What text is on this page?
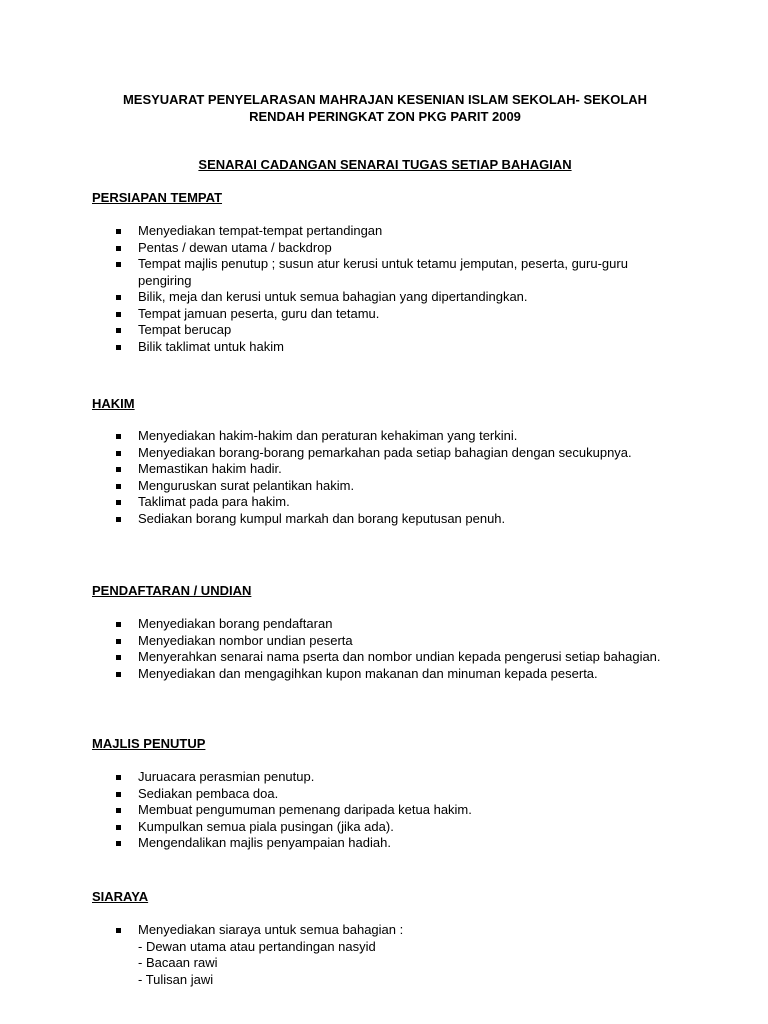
MESYUARAT PENYELARASAN MAHRAJAN KESENIAN ISLAM SEKOLAH- SEKOLAH
RENDAH PERINGKAT ZON PKG PARIT 2009
SENARAI CADANGAN SENARAI TUGAS SETIAP BAHAGIAN
PERSIAPAN TEMPAT
Menyediakan tempat-tempat pertandingan
Pentas / dewan utama / backdrop
Tempat majlis penutup ; susun atur kerusi untuk tetamu jemputan, peserta, guru-guru pengiring
Bilik, meja dan kerusi untuk semua bahagian yang dipertandingkan.
Tempat jamuan peserta, guru dan tetamu.
Tempat berucap
Bilik taklimat untuk hakim
HAKIM
Menyediakan hakim-hakim dan peraturan kehakiman yang terkini.
Menyediakan borang-borang pemarkahan pada setiap bahagian dengan secukupnya.
Memastikan hakim hadir.
Menguruskan surat pelantikan hakim.
Taklimat pada para hakim.
Sediakan borang kumpul markah dan borang keputusan penuh.
PENDAFTARAN / UNDIAN
Menyediakan borang pendaftaran
Menyediakan nombor undian peserta
Menyerahkan senarai nama pserta dan nombor undian kepada pengerusi setiap bahagian.
Menyediakan dan mengagihkan kupon makanan dan minuman kepada peserta.
MAJLIS PENUTUP
Juruacara perasmian penutup.
Sediakan pembaca doa.
Membuat pengumuman pemenang daripada ketua hakim.
Kumpulkan semua piala pusingan (jika ada).
Mengendalikan majlis penyampaian hadiah.
SIARAYA
Menyediakan siaraya untuk semua bahagian :
- Dewan utama atau pertandingan nasyid
- Bacaan rawi
- Tulisan jawi
